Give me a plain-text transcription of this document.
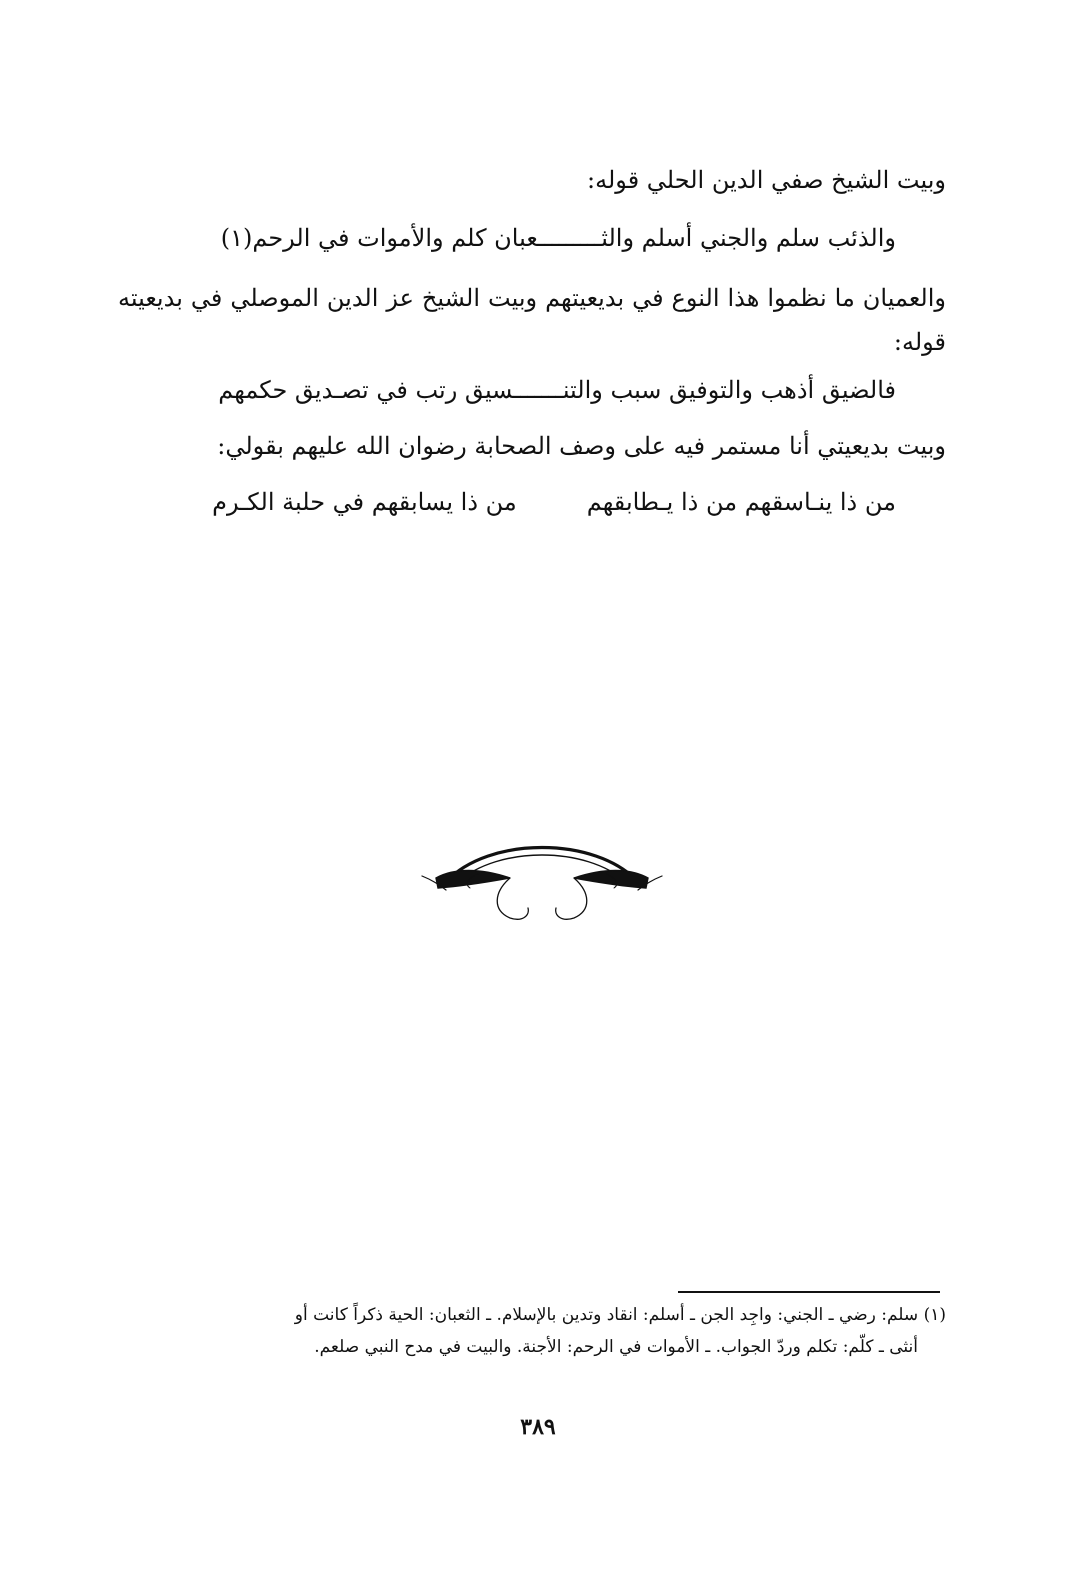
وبيت الشيخ صفي الدين الحلي قوله:
والذئب سلم والجني أسلم والثـــــــــعبان كلم والأموات في الرحم(١)
والعميان ما نظموا هذا النوع في بديعيتهم وبيت الشيخ عز الدين الموصلي في بديعيته قوله:
فالضيق أذهب والتوفيق سبب والتنـــــــسيق رتب في تصـديق حكمهم
وبيت بديعيتي أنا مستمر فيه على وصف الصحابة رضوان الله عليهم بقولي:
من ذا ينـاسقهم من ذا يـطابقهم
من ذا يسابقهم في حلبة الكـرم
(١) سلم: رضي ـ الجني: واجِد الجن ـ أسلم: انقاد وتدين بالإسلام. ـ الثعبان: الحية ذكراً كانت أو
أنثى ـ كلّم: تكلم وردّ الجواب. ـ الأموات في الرحم: الأجنة. والبيت في مدح النبي صلعم.
٣٨٩
